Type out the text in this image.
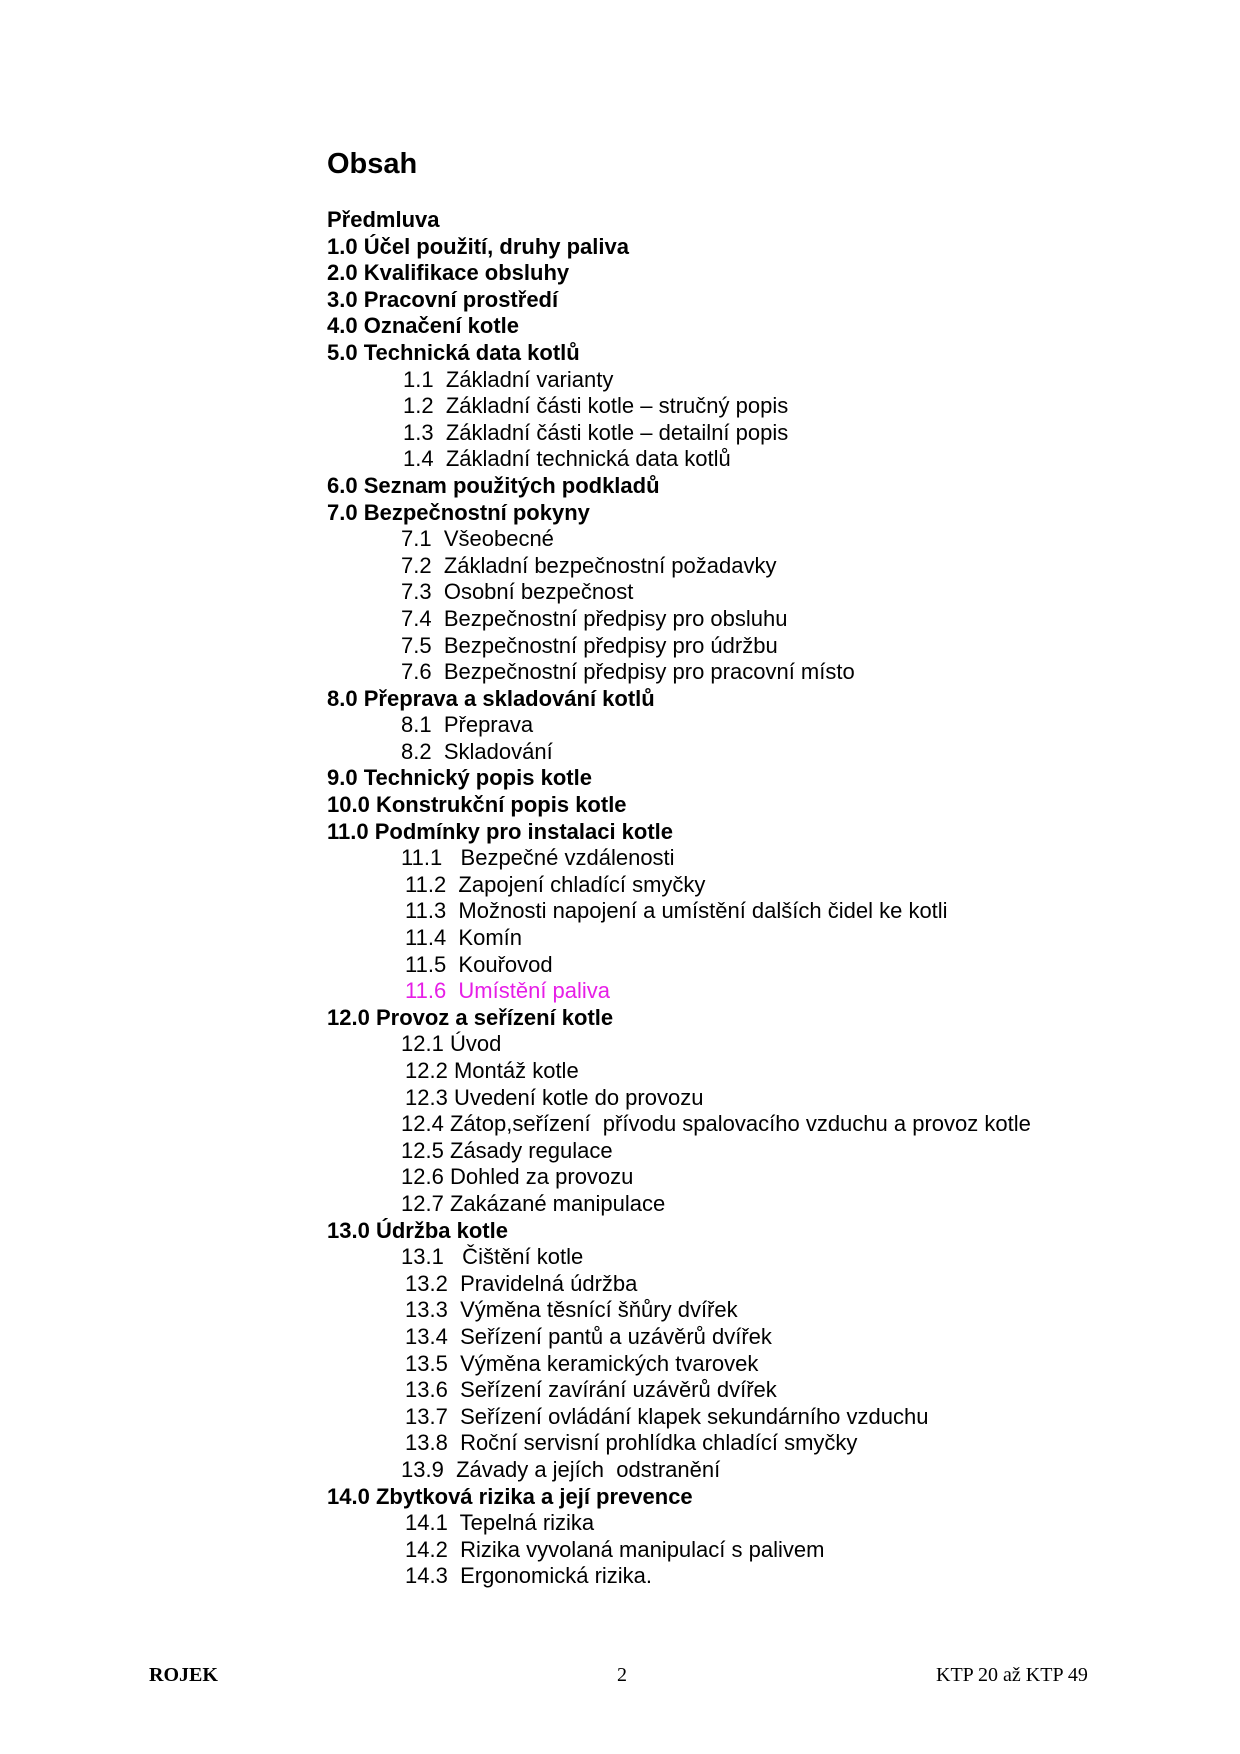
Obsah
Předmluva
1.0 Účel použití, druhy paliva
2.0 Kvalifikace obsluhy
3.0 Pracovní prostředí
4.0 Označení kotle
5.0 Technická data kotlů
1.1 Základní varianty
1.2 Základní části kotle – stručný popis
1.3 Základní části kotle – detailní popis
1.4 Základní technická data kotlů
6.0 Seznam použitých podkladů
7.0 Bezpečnostní pokyny
7.1 Všeobecné
7.2 Základní bezpečnostní požadavky
7.3 Osobní bezpečnost
7.4 Bezpečnostní předpisy pro obsluhu
7.5 Bezpečnostní předpisy pro údržbu
7.6 Bezpečnostní předpisy pro pracovní místo
8.0 Přeprava a skladování kotlů
8.1 Přeprava
8.2 Skladování
9.0 Technický popis kotle
10.0 Konstrukční popis kotle
11.0 Podmínky pro instalaci kotle
11.1   Bezpečné vzdálenosti
11.2 Zapojení chladící smyčky
11.3 Možnosti napojení a umístění dalších čidel ke kotli
11.4 Komín
11.5 Kouřovod
11.6 Umístění paliva
12.0 Provoz a seřízení kotle
12.1 Úvod
12.2 Montáž kotle
12.3 Uvedení kotle do provozu
12.4 Zátop,seřízení  přívodu spalovacího vzduchu a provoz kotle
12.5 Zásady regulace
12.6 Dohled za provozu
12.7 Zakázané manipulace
13.0 Údržba kotle
13.1   Čištění kotle
13.2 Pravidelná údržba
13.3 Výměna těsnící šňůry dvířek
13.4 Seřízení pantů a uzávěrů dvířek
13.5 Výměna keramických tvarovek
13.6 Seřízení zavírání uzávěrů dvířek
13.7 Seřízení ovládání klapek sekundárního vzduchu
13.8 Roční servisní prohlídka chladící smyčky
13.9 Závady a jejích  odstranění
14.0 Zbytková rizika a její prevence
14.1 Tepelná rizika
14.2 Rizika vyvolaná manipulací s palivem
14.3 Ergonomická rizika.
ROJEK	2	KTP 20 až KTP 49
